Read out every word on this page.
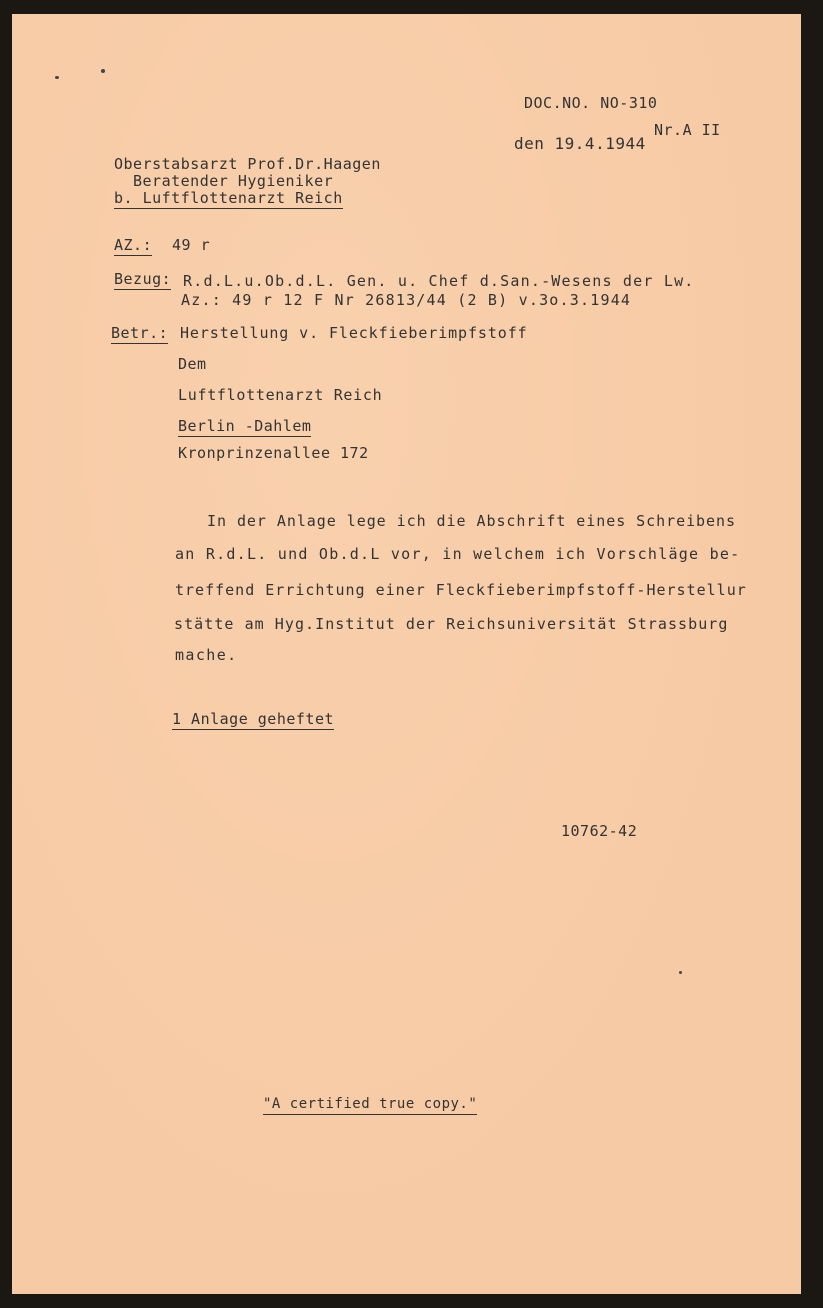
DOC.NO. NO-310
Nr.A II
den 19.4.1944
Oberstabsarzt Prof.Dr.Haagen
Beratender Hygieniker
b. Luftflottenarzt Reich
AZ.: 49 r
Bezug: R.d.L.u.Ob.d.L. Gen. u. Chef d.San.-Wesens der Lw.
Az.: 49 r 12 F Nr 26813/44 (2 B) v.3o.3.1944
Betr.: Herstellung v. Fleckfieberimpfstoff
Dem
Luftflottenarzt Reich
Berlin -Dahlem
Kronprinzenallee 172
In der Anlage lege ich die Abschrift eines Schreibens
an R.d.L. und Ob.d.L vor, in welchem ich Vorschläge be-
treffend Errichtung einer Fleckfieberimpfstoff-Herstellur
stätte am Hyg.Institut der Reichsuniversität Strassburg
mache.
1 Anlage geheftet
10762-42
"A certified true copy."
